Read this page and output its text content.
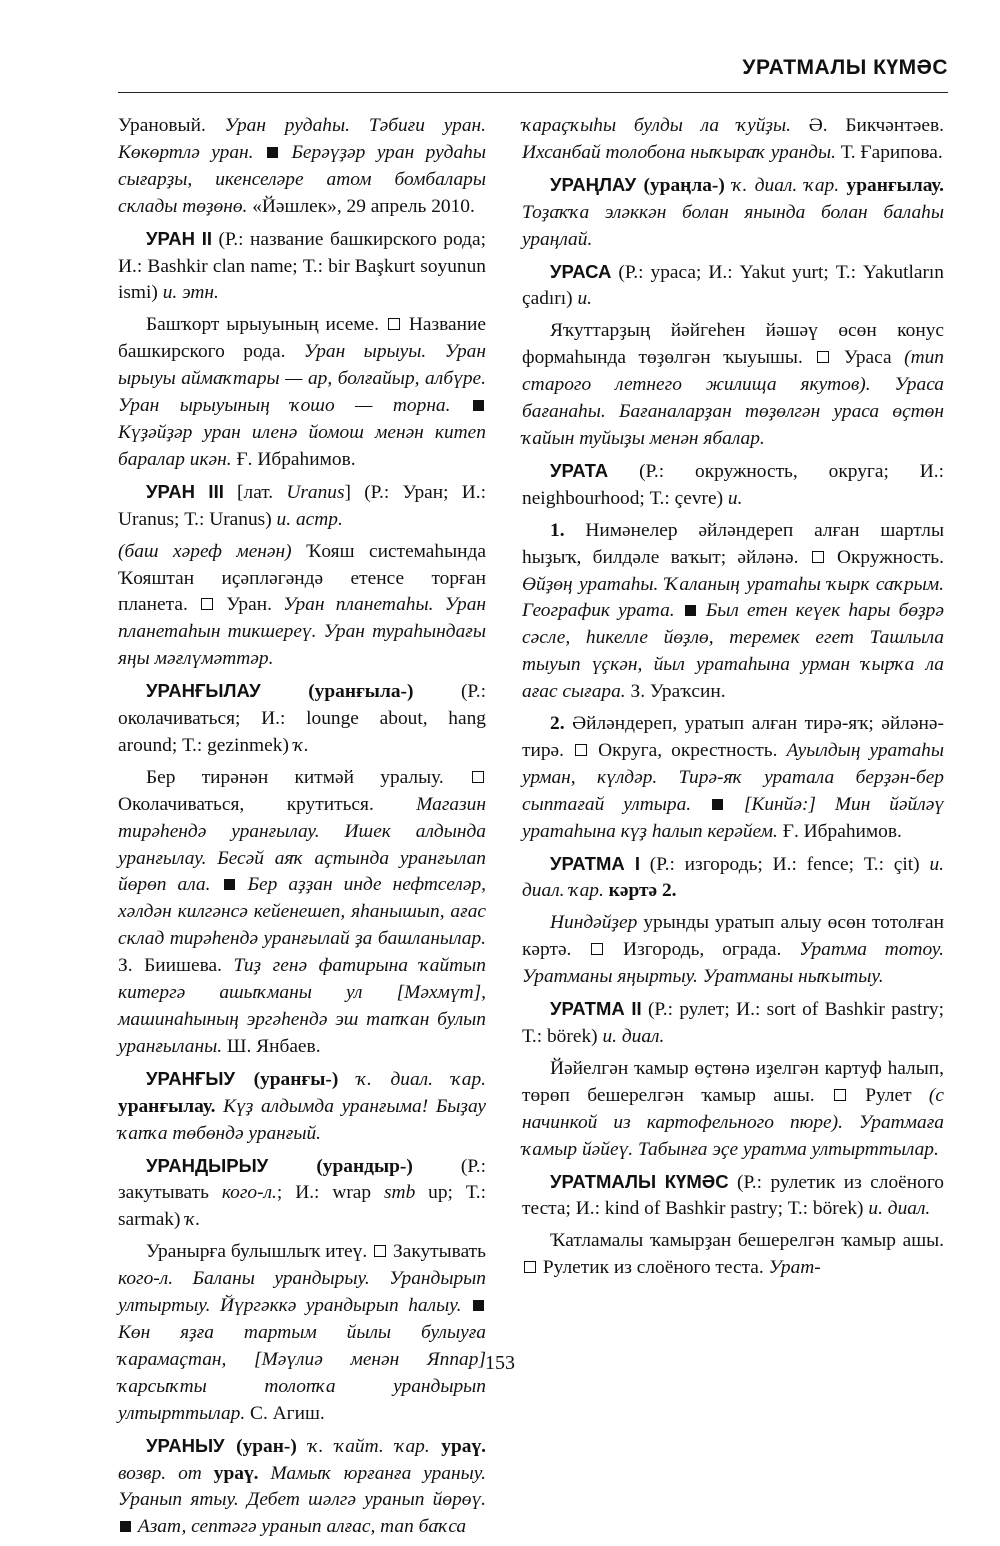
УРАТМАЛЫ КҮМӘС

Урановый. Уран рудаһы. Тәбиғи уран. Көкөртлә уран.  Берәүҙәр уран рудаһы сығарҙы, икенселәре атом бомбалары склады төҙөнө. «Йәшлек», 29 апрель 2010.

УРАН II (Р.: название башкирского рода; И.: Bashkir clan name; Т.: bir Başkurt soyunun ismi) и. этн.

Башҡорт ырыуының исеме.  Название башкирского рода. Уран ырыуы. Уран ырыуы аймаҡтары — ар, болғайыр, албүре. Уран ырыуының ҡошо — торна.  Күҙәйҙәр уран иленә йомош менән китеп баралар икән. Ғ. Ибраһимов.

УРАН III [лат. Uranus] (Р.: Уран; И.: Uranus; Т.: Uranus) и. астр.

(баш хәреф менән) Ҡояш системаһында Ҡояштан иҫәпләгәндә етенсе торған планета.  Уран. Уран планетаһы. Уран планетаһын тикшереү. Уран тураһындағы яңы мәғлүмәттәр.

УРАНҒЫЛАУ (уранғыла-) (Р.: околачиваться; И.: lounge about, hang around; Т.: gezinmek) ҡ.

Бер тирәнән китмәй уралыу.  Околачиваться, крутиться. Магазин тирәһендә уранғылау. Ишек алдында уранғылау. Бесәй аяҡ аҫтында уранғылап йөрөп ала.  Бер аҙҙан инде нефтселәр, хәлдән килгәнсә кейенешеп, яһанышып, ағас склад тирәһендә уранғылай ҙа башланылар. З. Биишева. Тиҙ генә фатирына ҡайтып китергә ашыҡманы ул [Мәхмүт], машинаһының эргәһендә эш тапҡан булып уранғыланы. Ш. Янбаев.

УРАНҒЫУ (уранғы-) ҡ. диал. ҡар. уранғылау. Күҙ алдымда уранғыма! Быҙау ҡапҡа төбөндә уранғый.

УРАНДЫРЫУ (урандыр-) (Р.: закутывать кого-л.; И.: wrap smb up; Т.: sarmak) ҡ.

Уранырға булышлыҡ итеү.  Закутывать кого-л. Баланы урандырыу. Урандырып ултыртыу. Йүргәккә урандырып һалыу.  Көн яҙға тартым йылы булыуға ҡарамаҫтан, [Мәүлиә менән Яппар] ҡарсыҡты толопҡа урандырып ултырттылар. С. Агиш.

УРАНЫУ (уран-) ҡ. ҡайт. ҡар. ураү. возвр. от ураү. Мамыҡ юрғанға ураныу. Уранып ятыу. Дебет шәлгә уранып йөрөү.  Азат, септәгә уранып алғас, тап баҡса

ҡараҫҡыһы булды ла ҡуйҙы. Ә. Бикчәнтәев. Ихсанбай толобона ныҡыраҡ уранды. Т. Ғарипова.

УРАҢЛАУ (ураңла-) ҡ. диал. ҡар. уранғылау. Тоҙаҡҡа эләккән болан янында болан балаһы ураңлай.

УРАСА (Р.: ураса; И.: Yakut yurt; Т.: Yakutların çadırı) и.

Яҡуттарҙың йәйгеһен йәшәү өсөн конус формаһында төҙөлгән ҡыуышы.  Ураса (тип старого летнего жилища якутов). Ураса бағанаһы. Бағаналарҙан төҙөлгән ураса өҫтөн ҡайын туйыҙы менән ябалар.

УРАТА (Р.: окружность, округа; И.: neighbourhood; Т.: çevre) и.

1. Нимәнелер әйләндереп алған шартлы һыҙыҡ, билдәле ваҡыт; әйләнә.  Окружность. Өйҙөң уратаһы. Ҡаланың уратаһы ҡырк саҡрым. Географик урата.  Был етен кеүек һары бөҙрә сәсле, һикелле йөҙлө, теремек егет Ташлыла тыуып үҫкән, йыл уратаһына урман ҡырҡа ла ағас сығара. З. Ураҡсин.

2. Әйләндереп, уратып алған тирә-яҡ; әйләнә-тирә.  Округа, окрестность. Ауылдың уратаһы урман, күлдәр. Тирә-яҡ уратала берҙән-бер сыптағай ултыра.  [Кинйә:] Мин йәйләү уратаһына күҙ һалып керәйем. Ғ. Ибраһимов.

УРАТМА I (Р.: изгородь; И.: fence; Т.: çit) и. диал. ҡар. кәртә 2.

Ниндәйҙер урынды уратып алыу өсөн тотолған кәртә.  Изгородь, ограда. Уратма тотоу. Уратманы яңыртыу. Уратманы ныҡытыу.

УРАТМА II (Р.: рулет; И.: sort of Bashkir pastry; Т.: börek) и. диал.

Йәйелгән ҡамыр өҫтөнә иҙелгән картуф һалып, төрөп бешерелгән ҡамыр ашы.  Рулет (с начинкой из картофельного пюре). Уратмаға ҡамыр йәйеү. Табынға эҫе уратма ултырттылар.

УРАТМАЛЫ КҮМӘС (Р.: рулетик из слоёного теста; И.: kind of Bashkir pastry; Т.: börek) и. диал.

Ҡатламалы ҡамырҙан бешерелгән ҡамыр ашы.  Рулетик из слоёного теста. Урат-

153
